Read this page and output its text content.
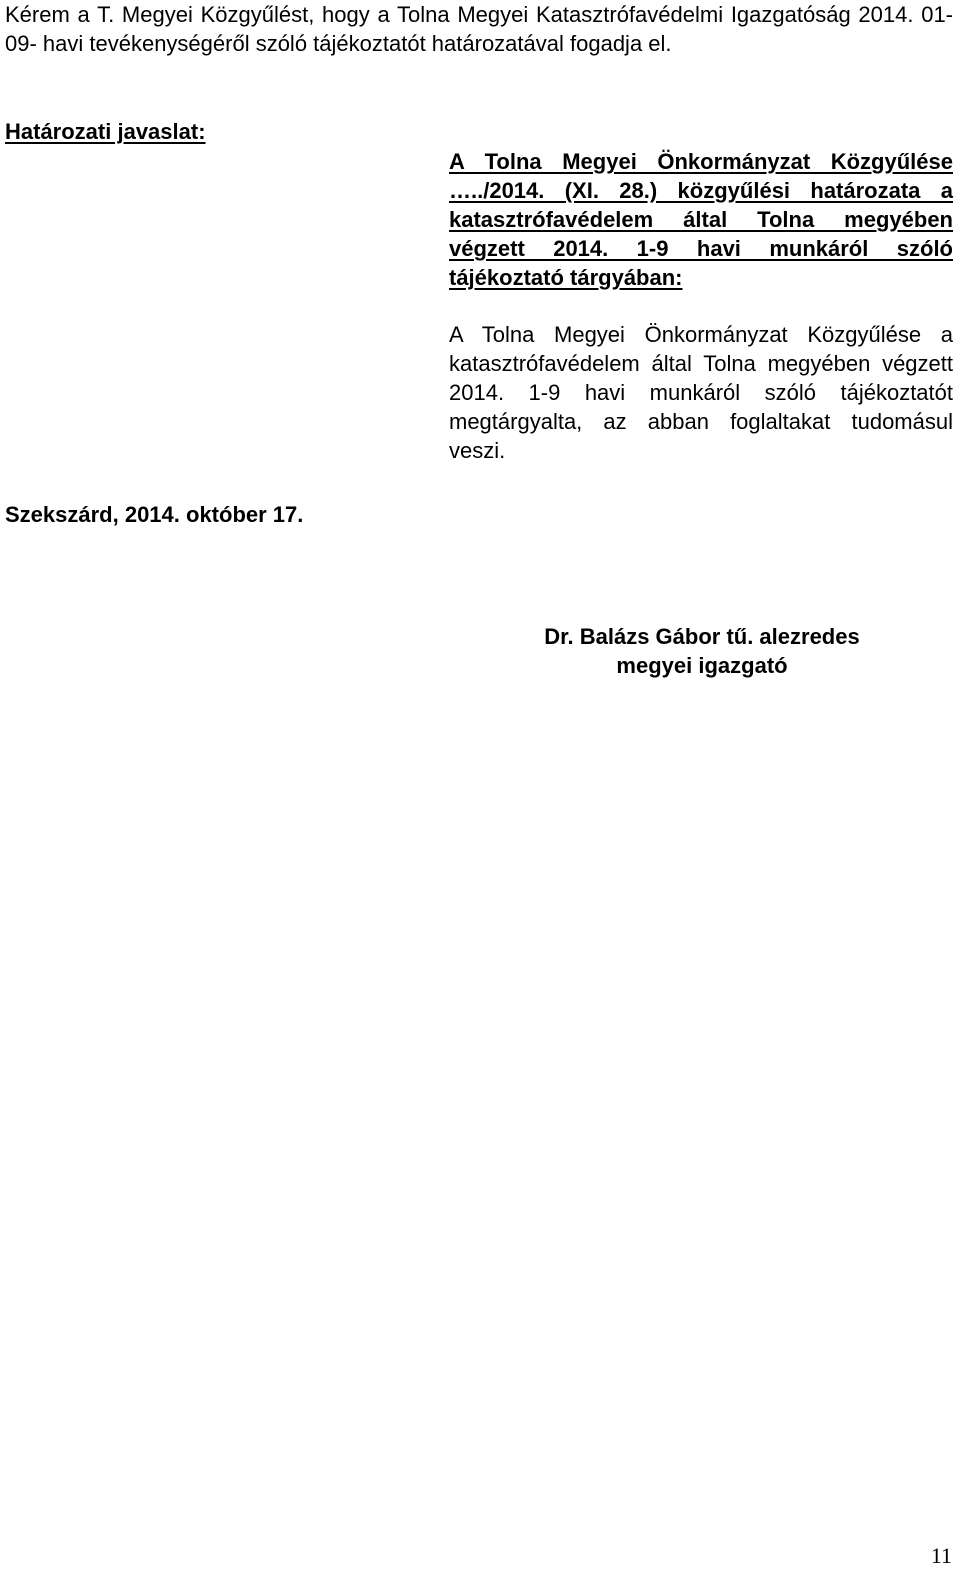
Kérem a T. Megyei Közgyűlést, hogy a Tolna Megyei Katasztrófavédelmi Igazgatóság 2014. 01-09- havi tevékenységéről szóló tájékoztatót határozatával fogadja el.

Határozati javaslat:

A Tolna Megyei Önkormányzat Közgyűlése …../2014. (XI. 28.) közgyűlési határozata a katasztrófavédelem által Tolna megyében végzett 2014. 1-9 havi munkáról szóló tájékoztató tárgyában:

A Tolna Megyei Önkormányzat Közgyűlése a katasztrófavédelem által Tolna megyében végzett 2014. 1-9 havi munkáról szóló tájékoztatót megtárgyalta, az abban foglaltakat tudomásul veszi.

Szekszárd, 2014. október 17.

Dr. Balázs Gábor tű. alezredes
megyei igazgató

11
